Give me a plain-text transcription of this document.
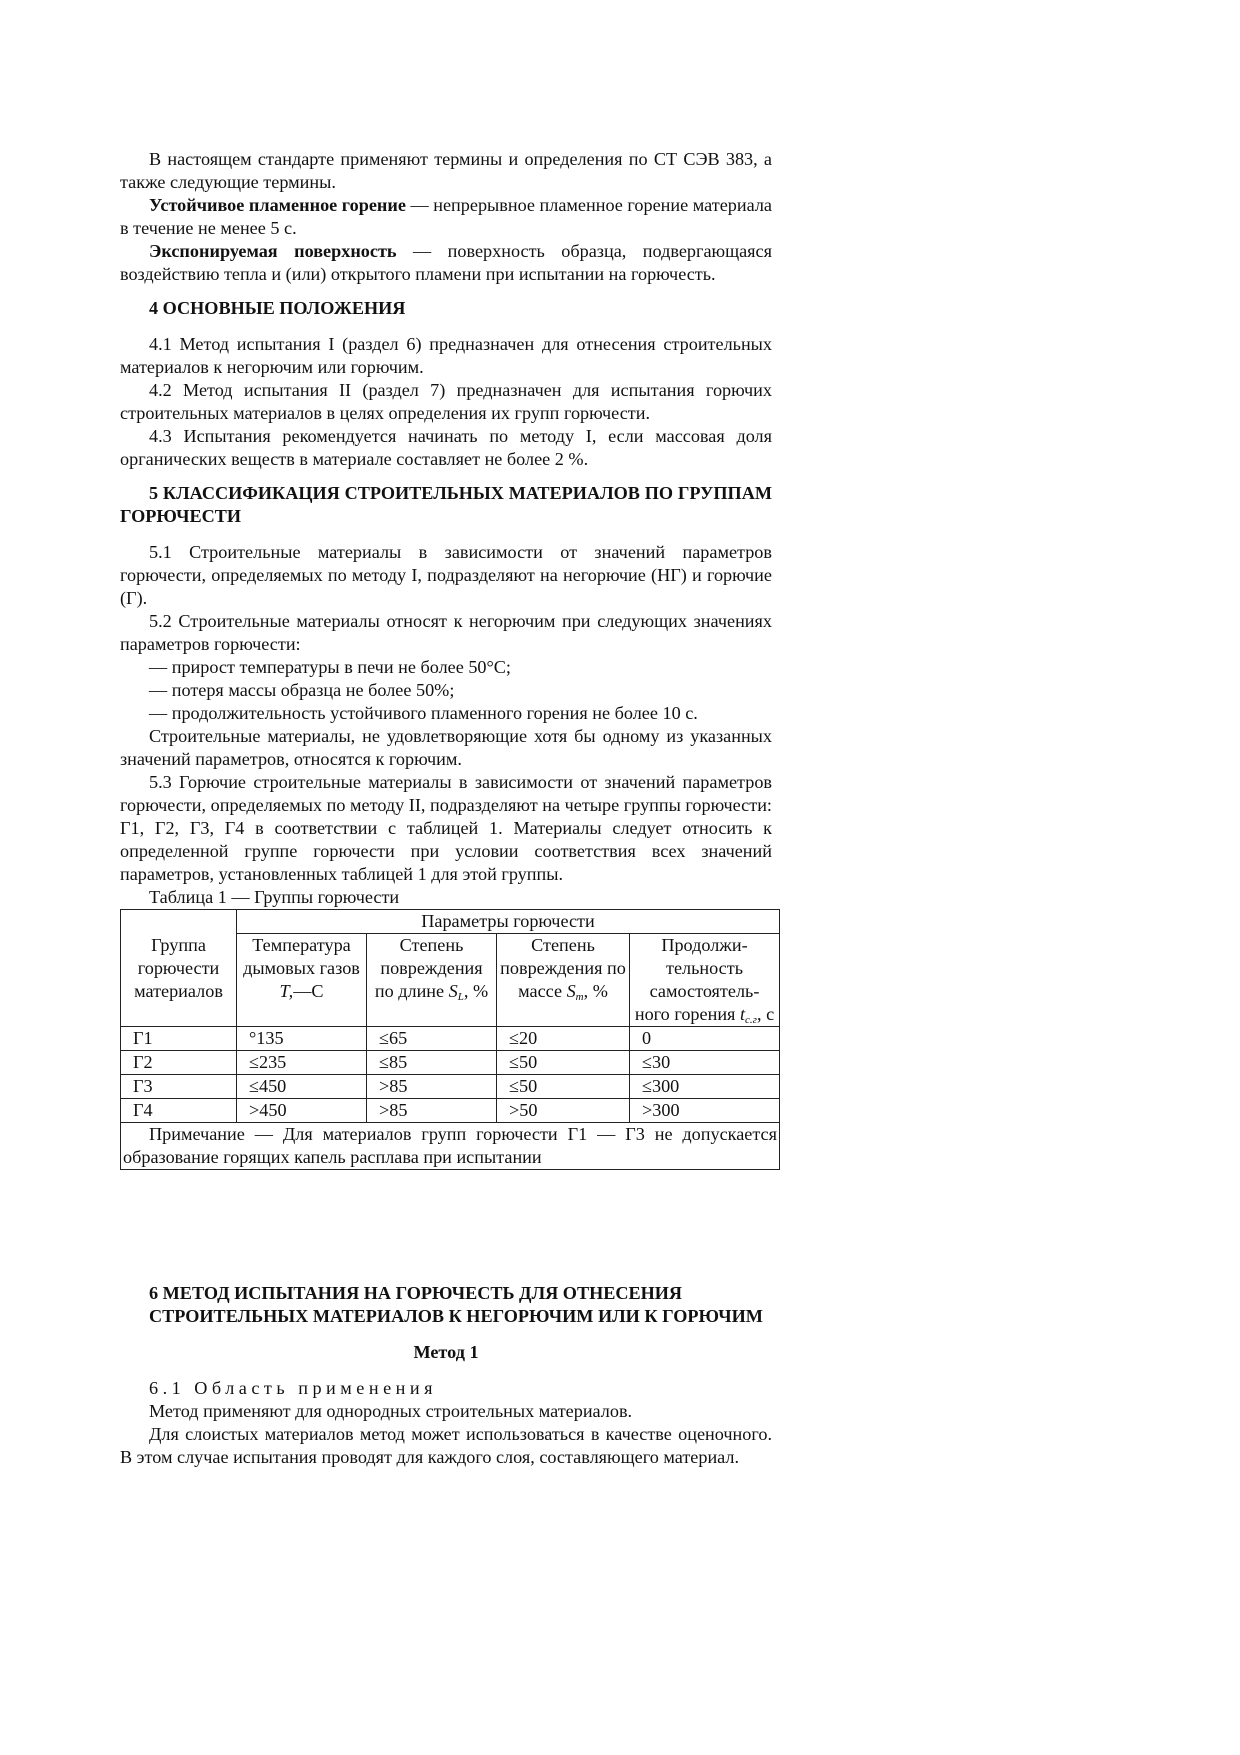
В настоящем стандарте применяют термины и определения по СТ СЭВ 383, а также следующие термины.

Устойчивое пламенное горение — непрерывное пламенное горение материала в течение не менее 5 с.

Экспонируемая поверхность — поверхность образца, подвергающаяся воздействию тепла и (или) открытого пламени при испытании на горючесть.

4 ОСНОВНЫЕ ПОЛОЖЕНИЯ

4.1 Метод испытания I (раздел 6) предназначен для отнесения строительных материалов к негорючим или горючим.

4.2 Метод испытания II (раздел 7) предназначен для испытания горючих строительных материалов в целях определения их групп горючести.

4.3 Испытания рекомендуется начинать по методу I, если массовая доля органических веществ в материале составляет не более 2 %.

5 КЛАССИФИКАЦИЯ СТРОИТЕЛЬНЫХ МАТЕРИАЛОВ ПО ГРУППАМ ГОРЮЧЕСТИ

5.1 Строительные материалы в зависимости от значений параметров горючести, определяемых по методу I, подразделяют на негорючие (НГ) и горючие (Г).

5.2 Строительные материалы относят к негорючим при следующих значениях параметров горючести:

— прирост температуры в печи не более 50°С;

— потеря массы образца не более 50%;

— продолжительность устойчивого пламенного горения не более 10 с.

Строительные материалы, не удовлетворяющие хотя бы одному из указанных значений параметров, относятся к горючим.

5.3 Горючие строительные материалы в зависимости от значений параметров горючести, определяемых по методу II, подразделяют на четыре группы горючести: Г1, Г2, Г3, Г4 в соответствии с таблицей 1. Материалы следует относить к определенной группе горючести при условии соответствия всех значений параметров, установленных таблицей 1 для этой группы.

Таблица 1 — Группы горючести

Группа горючести материалов	Параметры горючести			
	Температура дымовых газов Т,—С	Степень повреждения по длине $S_L$, %	Степень повреждения по массе $S_m$, %	Продолжи-тельность самостоятель-ного горения $t_{с.г}$, с
Г1	°135	≤65	≤20	0
Г2	≤235	≤85	≤50	≤30
Г3	≤450	>85	≤50	≤300
Г4	>450	>85	>50	>300
Примечание — Для материалов групп горючести Г1 — Г3 не допускается образование горящих капель расплава при испытании				
6 МЕТОД ИСПЫТАНИЯ НА ГОРЮЧЕСТЬ ДЛЯ ОТНЕСЕНИЯ СТРОИТЕЛЬНЫХ МАТЕРИАЛОВ К НЕГОРЮЧИМ ИЛИ К ГОРЮЧИМ
Метод 1

6.1 Область применения

Метод применяют для однородных строительных материалов.

Для слоистых материалов метод может использоваться в качестве оценочного. В этом случае испытания проводят для каждого слоя, составляющего материал.
